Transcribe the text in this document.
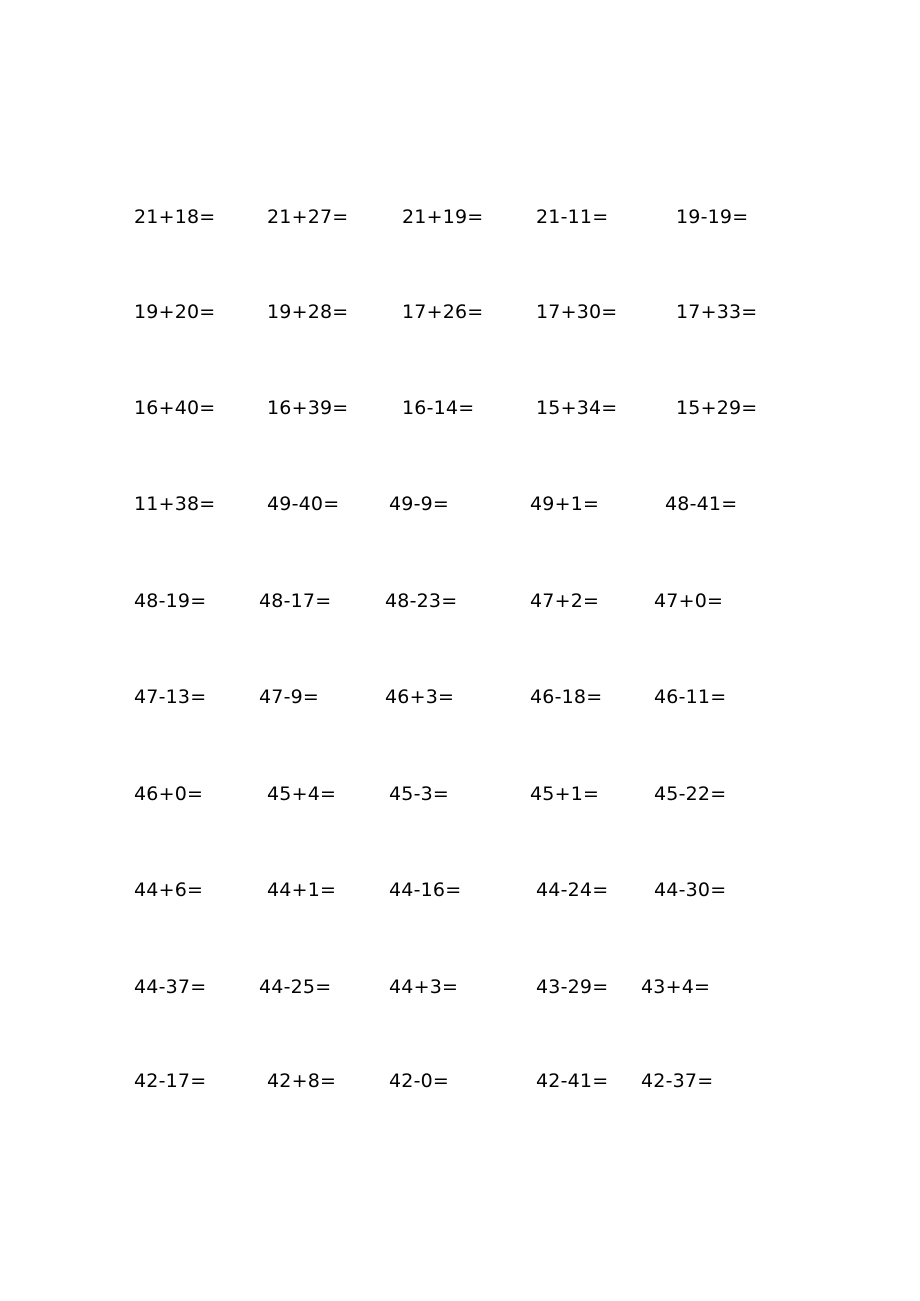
21+18=	21+27=	21+19=	21-11=	19-19=
19+20=	19+28=	17+26=	17+30=	17+33=
16+40=	16+39=	16-14=	15+34=	15+29=
11+38=	49-40=	49-9=	49+1=	48-41=
48-19=	48-17=	48-23=	47+2=	47+0=
47-13=	47-9=	46+3=	46-18=	46-11=
46+0=	45+4=	45-3=	45+1=	45-22=
44+6=	44+1=	44-16=	44-24= 44-30=
44-37=	44-25=	44+3=	43-29= 43+4=
42-17=	42+8=	42-0=	42-41= 42-37=
